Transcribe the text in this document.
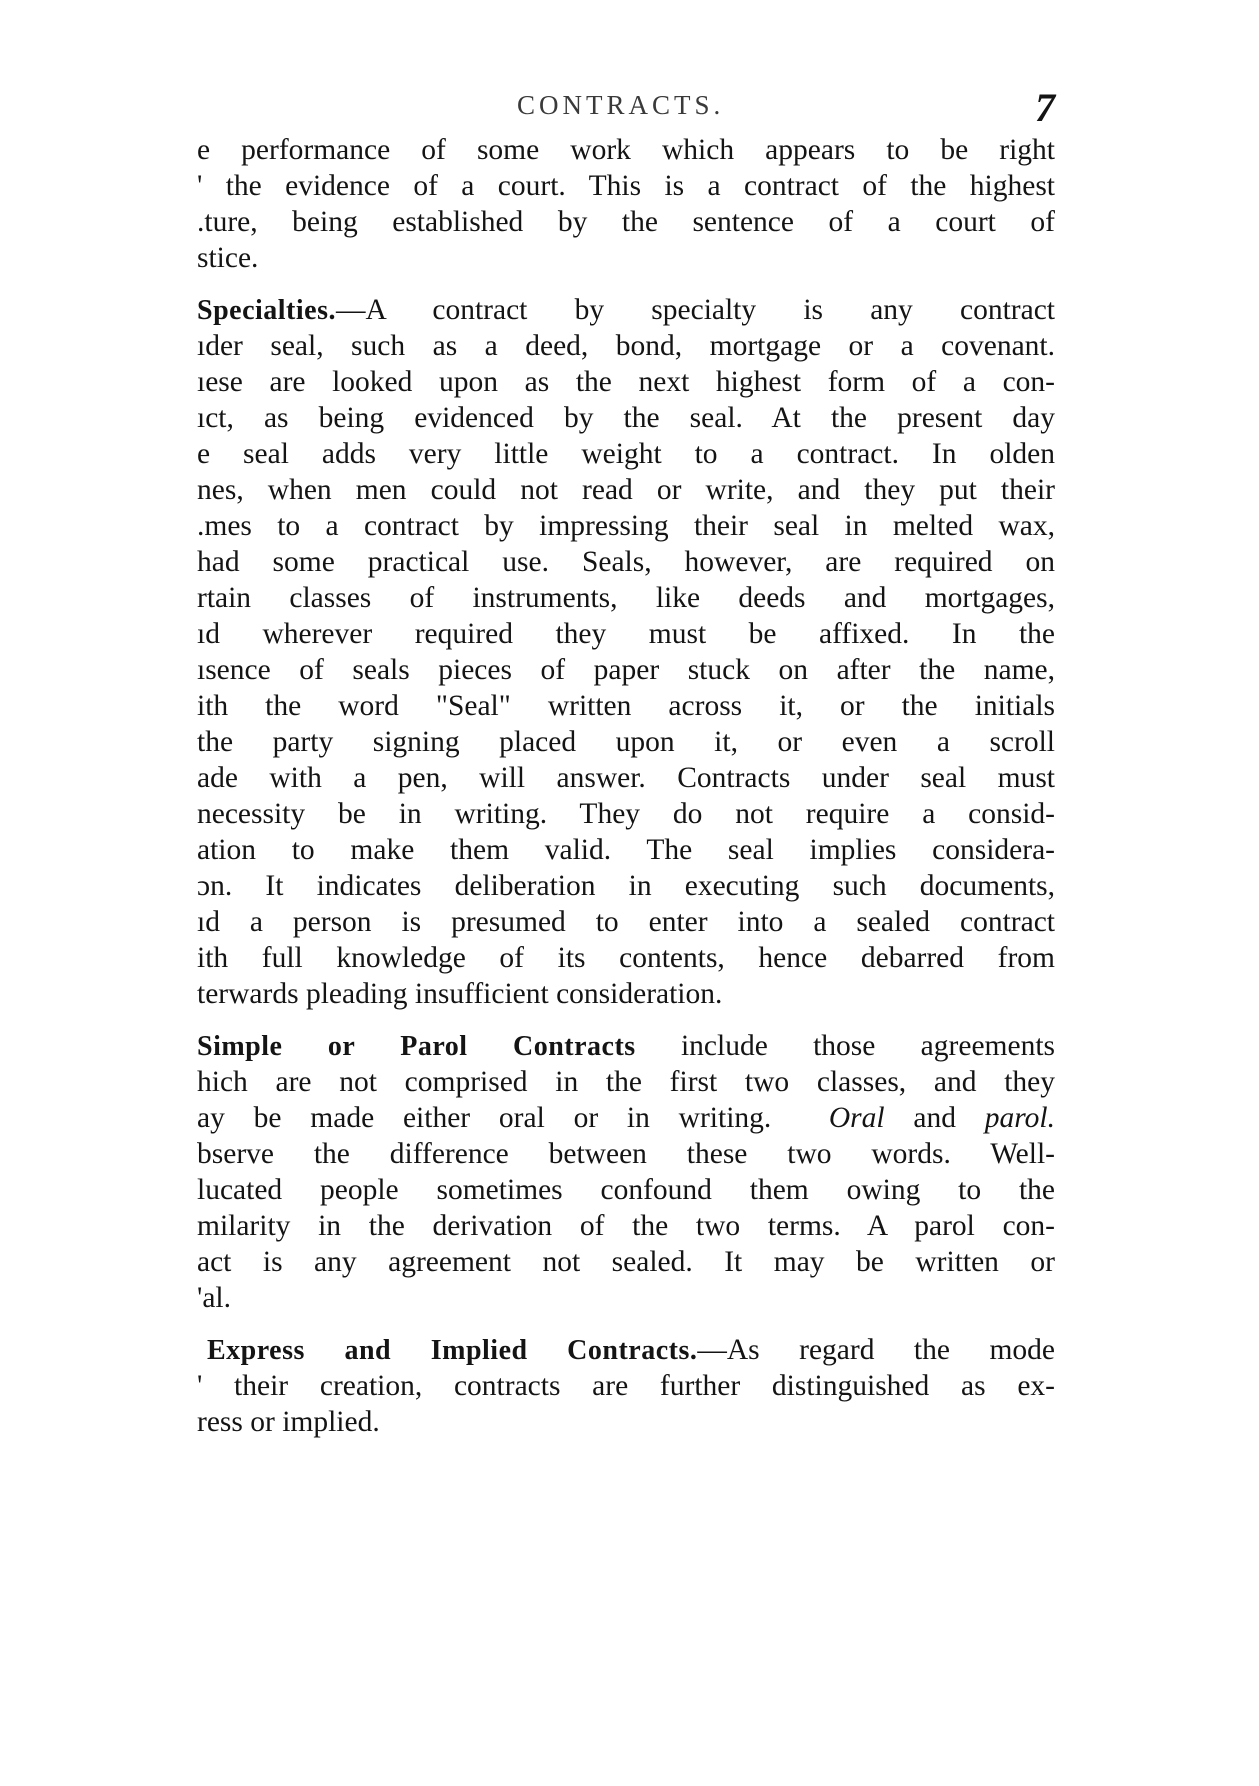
CONTRACTS.	7
e performance of some work which appears to be right
' the evidence of a court. This is a contract of the highest
.ture, being established by the sentence of a court of
stice.
Specialties.—A contract by specialty is any contract
ıder seal, such as a deed, bond, mortgage or a covenant.
ıese are looked upon as the next highest form of a con-
ıct, as being evidenced by the seal. At the present day
e seal adds very little weight to a contract. In olden
nes, when men could not read or write, and they put their
.mes to a contract by impressing their seal in melted wax,
had some practical use. Seals, however, are required on
rtain classes of instruments, like deeds and mortgages,
ıd wherever required they must be affixed. In the
ısence of seals pieces of paper stuck on after the name,
ith the word "Seal" written across it, or the initials
the party signing placed upon it, or even a scroll
ade with a pen, will answer. Contracts under seal must
necessity be in writing. They do not require a consid-
ation to make them valid. The seal implies considera-
ɔn. It indicates deliberation in executing such documents,
ıd a person is presumed to enter into a sealed contract
ith full knowledge of its contents, hence debarred from
terwards pleading insufficient consideration.
Simple or Parol Contracts include those agreements
hich are not comprised in the first two classes, and they
ay be made either oral or in writing. Oral and parol.
bserve the difference between these two words. Well-
lucated people sometimes confound them owing to the
milarity in the derivation of the two terms. A parol con-
act is any agreement not sealed. It may be written or
'al.
Express and Implied Contracts.—As regard the mode
' their creation, contracts are further distinguished as ex-
ress or implied.
